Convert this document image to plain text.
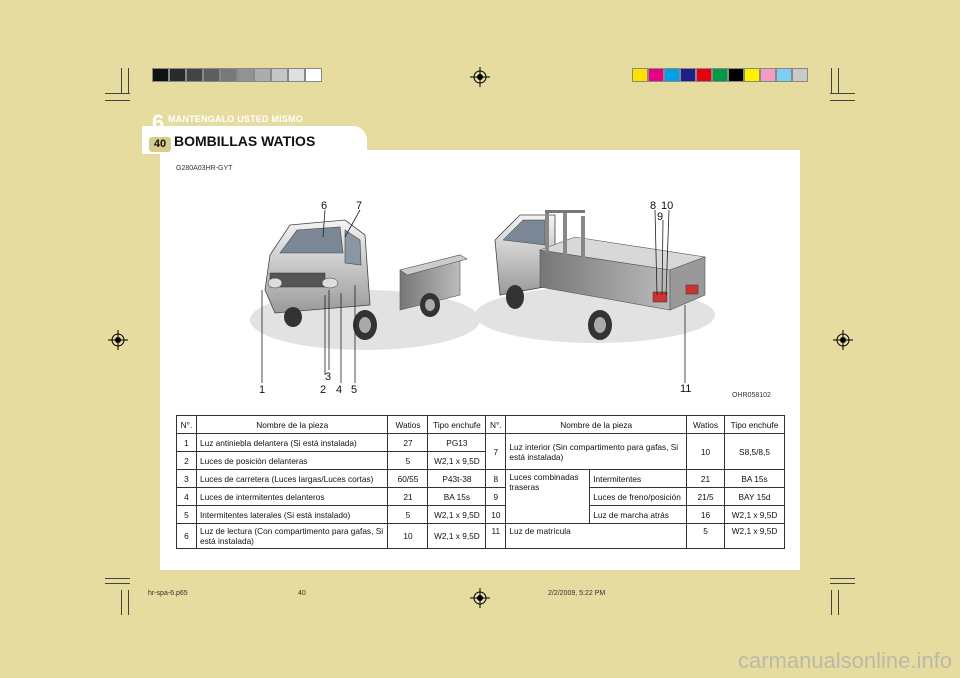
6 MANTENGALO USTED MISMO
40 BOMBILLAS WATIOS
G280A03HR-GYT
6	7	8 10
9
3
1	2 4 5	11
OHR058102
N°.	Nombre de la pieza	Watios	Tipo enchufe	N°.	Nombre de la pieza		Watios	Tipo enchufe
1	Luz antiniebla delantera (Si está instalada)	27	PG13	7	Luz interior (Sin compartimento para gafas, Si está instalada)		10	S8,5/8,5
2	Luces de posición delanteras	5	W2,1 x 9,5D					
3	Luces de carretera (Luces largas/Luces cortas)	60/55	P43t-38	8	Luces combinadas traseras	Intermitentes	21	BA 15s
4	Luces de intermitentes delanteros	21	BA 15s	9		Luces de freno/posición	21/5	BAY 15d
5	Intermitentes laterales (Si está instalado)	5	W2,1 x 9,5D	10		Luz de marcha atrás	16	W2,1 x 9,5D
6	Luz de lectura (Con compartimento para gafas, Si está instalada)	10	W2,1 x 9,5D	11	Luz de matrícula		5	W2,1 x 9,5D
hr-spa-6.p65	40	2/2/2009, 5:22 PM
carmanualsonline.info
